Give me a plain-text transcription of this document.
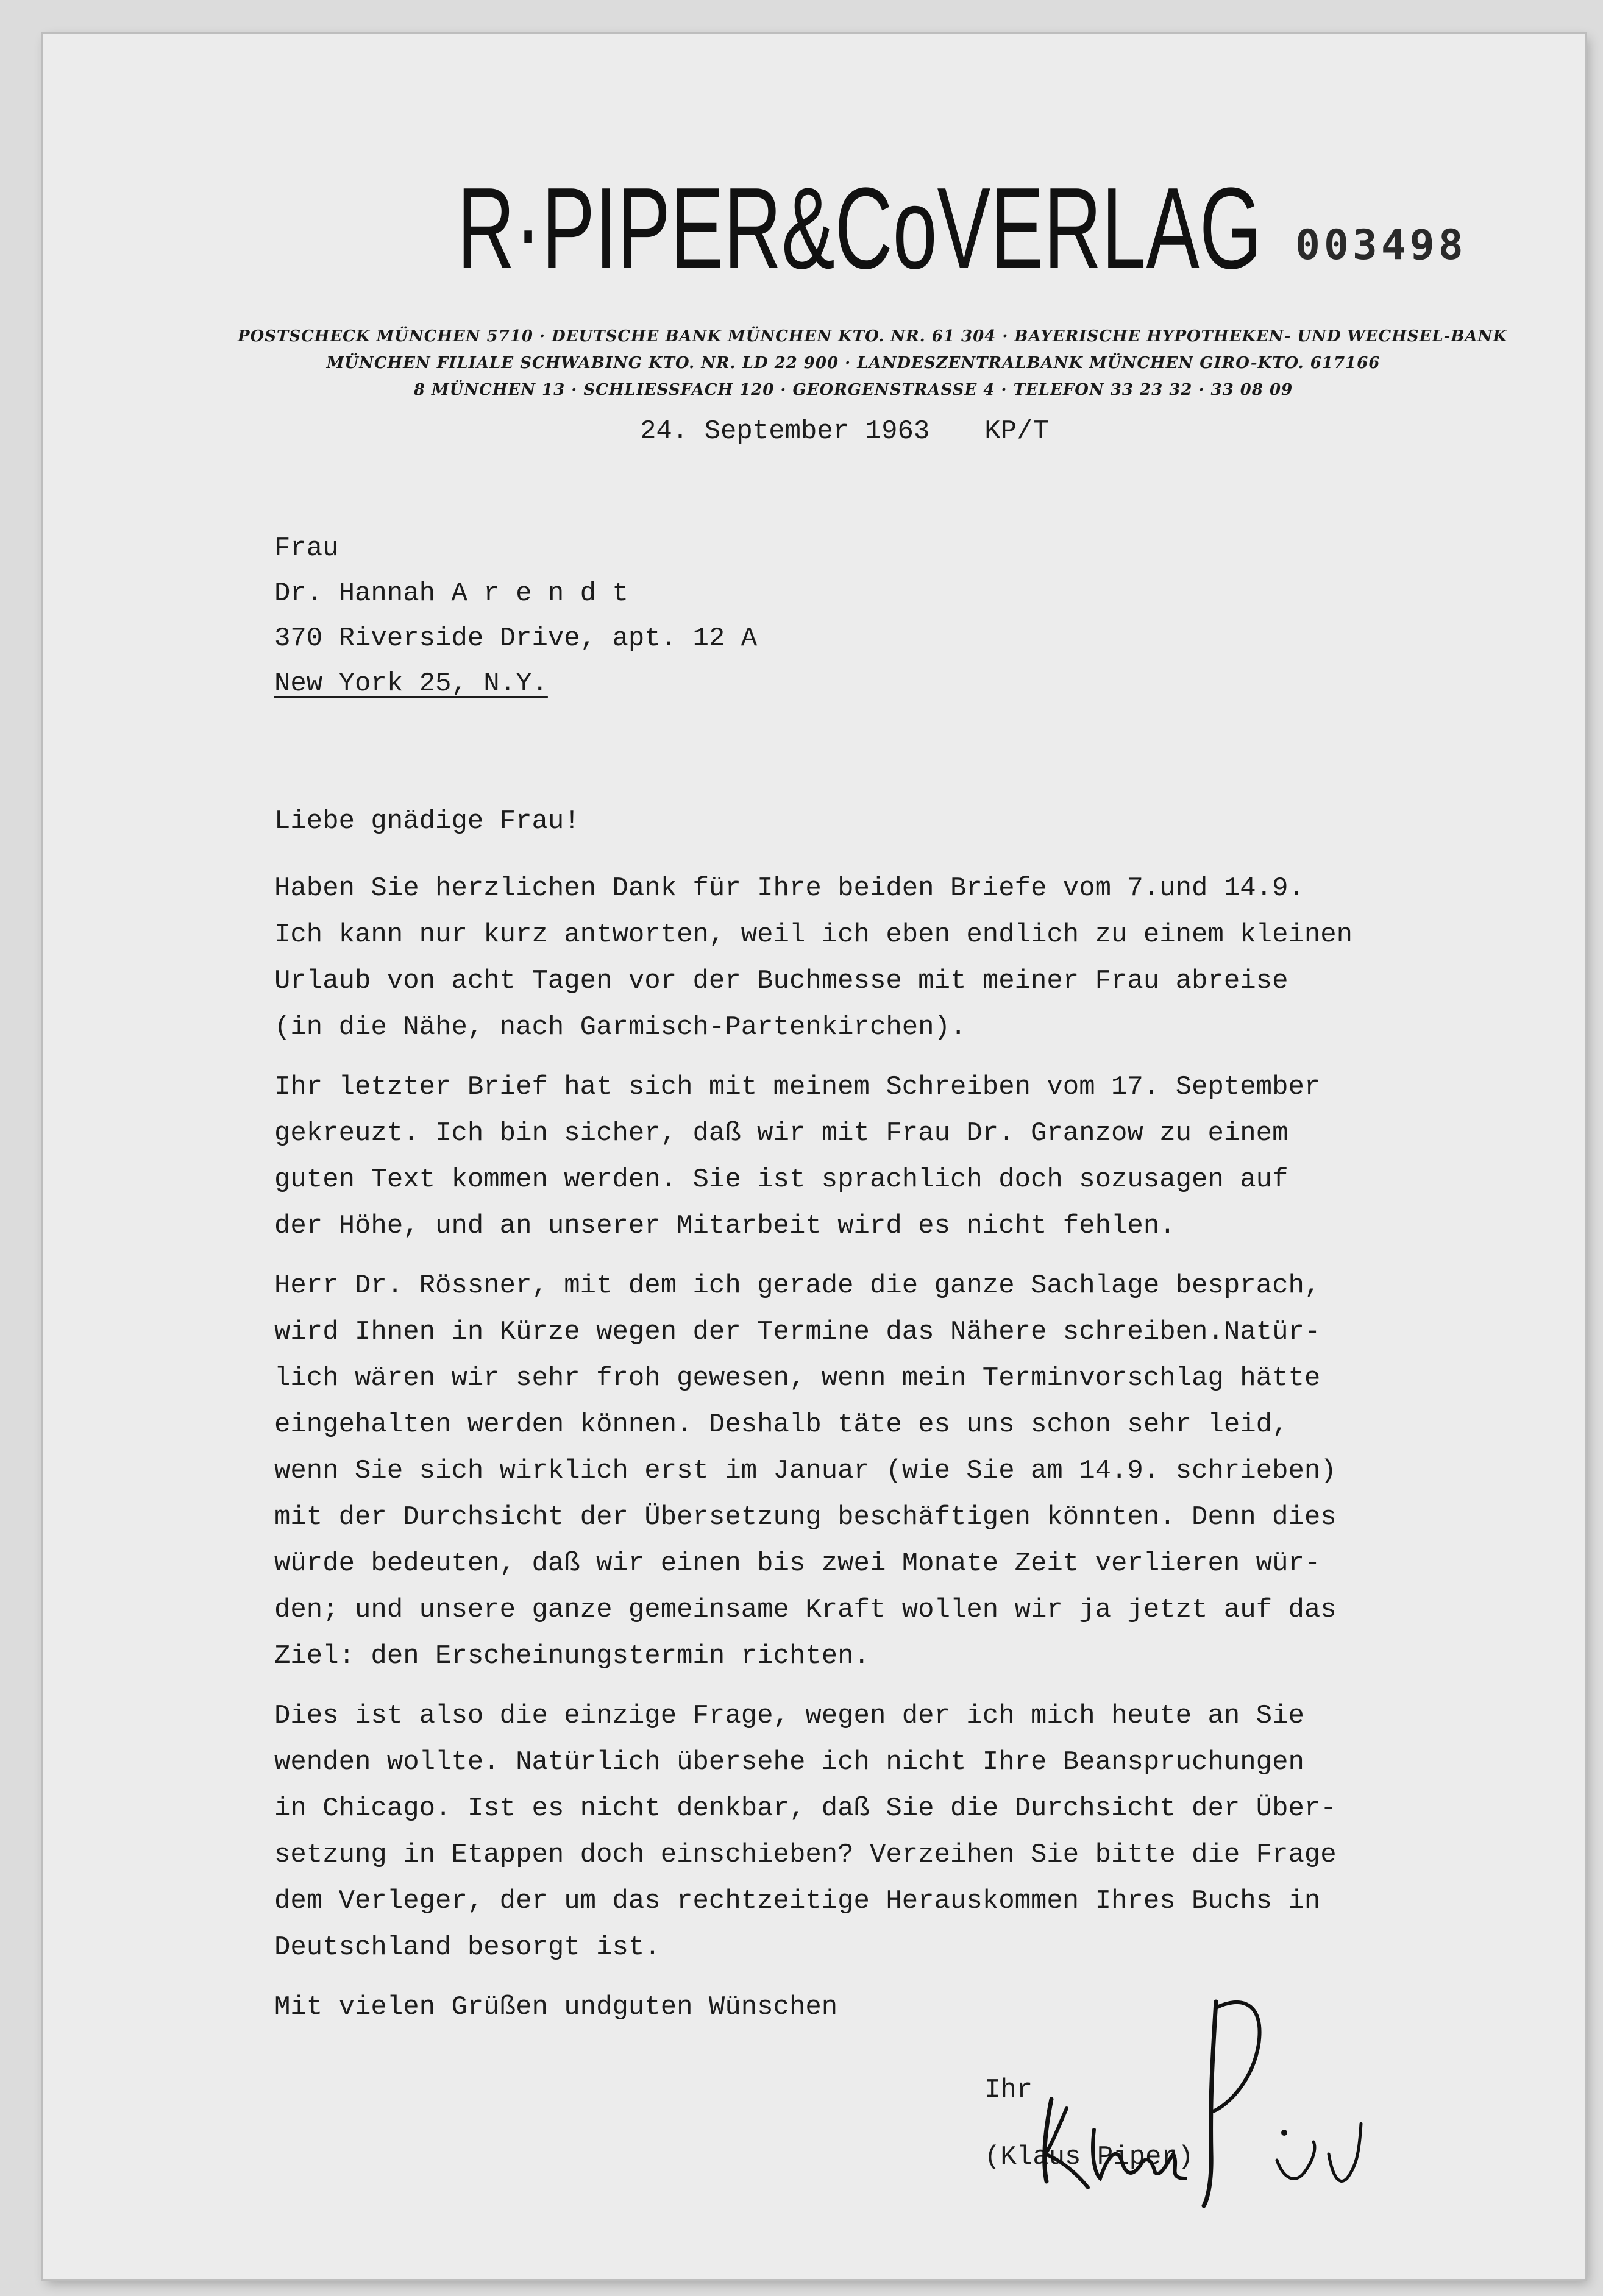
R·PIPER&CoVERLAG 003498
POSTSCHECK MÜNCHEN 5710 · DEUTSCHE BANK MÜNCHEN KTO. NR. 61 304 · BAYERISCHE HYPOTHEKEN- UND WECHSEL-BANK
MÜNCHEN FILIALE SCHWABING KTO. NR. LD 22 900 · LANDESZENTRALBANK MÜNCHEN GIRO-KTO. 617166
8 MÜNCHEN 13 · SCHLIESSFACH 120 · GEORGENSTRASSE 4 · TELEFON 33 23 32 · 33 08 09
24. September 1963 KP/T
Frau
Dr. Hannah A r e n d t
370 Riverside Drive, apt. 12 A
New York 25, N.Y.

Liebe gnädige Frau!

Haben Sie herzlichen Dank für Ihre beiden Briefe vom 7.und 14.9.
Ich kann nur kurz antworten, weil ich eben endlich zu einem kleinen
Urlaub von acht Tagen vor der Buchmesse mit meiner Frau abreise
(in die Nähe, nach Garmisch-Partenkirchen).

Ihr letzter Brief hat sich mit meinem Schreiben vom 17. September
gekreuzt. Ich bin sicher, daß wir mit Frau Dr. Granzow zu einem
guten Text kommen werden. Sie ist sprachlich doch sozusagen auf
der Höhe, und an unserer Mitarbeit wird es nicht fehlen.

Herr Dr. Rössner, mit dem ich gerade die ganze Sachlage besprach,
wird Ihnen in Kürze wegen der Termine das Nähere schreiben.Natür-
lich wären wir sehr froh gewesen, wenn mein Terminvorschlag hätte
eingehalten werden können. Deshalb täte es uns schon sehr leid,
wenn Sie sich wirklich erst im Januar (wie Sie am 14.9. schrieben)
mit der Durchsicht der Übersetzung beschäftigen könnten. Denn dies
würde bedeuten, daß wir einen bis zwei Monate Zeit verlieren wür-
den; und unsere ganze gemeinsame Kraft wollen wir ja jetzt auf das
Ziel: den Erscheinungstermin richten.

Dies ist also die einzige Frage, wegen der ich mich heute an Sie
wenden wollte. Natürlich übersehe ich nicht Ihre Beanspruchungen
in Chicago. Ist es nicht denkbar, daß Sie die Durchsicht der Über-
setzung in Etappen doch einschieben? Verzeihen Sie bitte die Frage
dem Verleger, der um das rechtzeitige Herauskommen Ihres Buchs in
Deutschland besorgt ist.

Mit vielen Grüßen undguten Wünschen

Ihr
(Klaus Piper)
